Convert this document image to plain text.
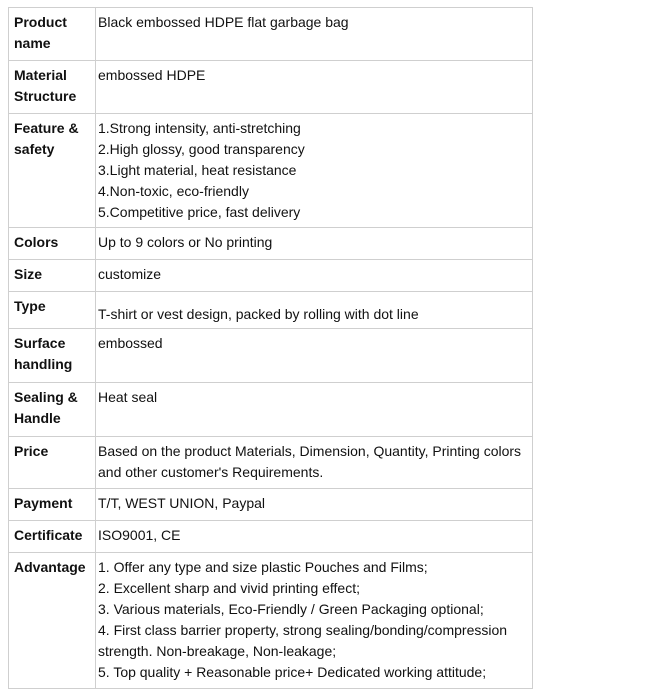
Product name	Black embossed HDPE flat garbage bag
Material Structure	embossed HDPE
Feature & safety	1.Strong intensity, anti-stretching
2.High glossy, good transparency
3.Light material, heat resistance
4.Non-toxic, eco-friendly
5.Competitive price, fast delivery

Colors	Up to 9 colors or No printing
Size	customize
Type	T-shirt or vest design, packed by rolling with dot line
Surface handling	embossed
Sealing & Handle	Heat seal
Price	Based on the product Materials, Dimension, Quantity, Printing colors and other customer's Requirements.
Payment	T/T, WEST UNION, Paypal
Certificate	ISO9001, CE
Advantage	1. Offer any type and size plastic Pouches and Films;
2. Excellent sharp and vivid printing effect;
3. Various materials, Eco-Friendly / Green Packaging optional;
4. First class barrier property, strong sealing/bonding/compression strength. Non-breakage, Non-leakage;
5. Top quality + Reasonable price+ Dedicated working attitude;
